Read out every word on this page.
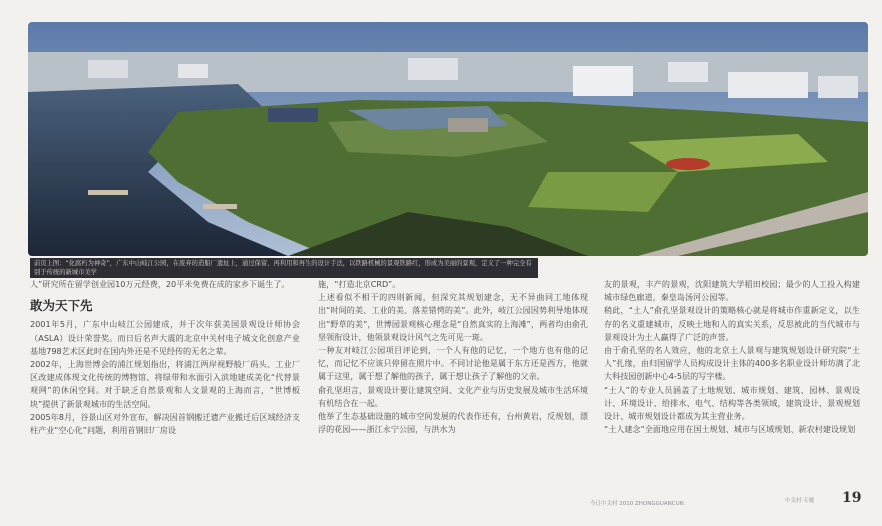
前页上图：“化腐朽为神奇”，广东中山岐江公园，在废弃的造船厂遗址上，通过保留、再利用和再生的设计手法，以铁路机械的景观铁路红，形成为美丽的景观，定义了一种完全有别于传统的新城市美学

人”研究所在留学创业园10万元经费，20平米免费在成的家乡下诞生了。

敢为天下先

2001年5月，广东中山岐江公园建成，并于次年获美国景观设计师协会（ASLA）设计荣誉奖。而日后名声大震的北京中关村电子城文化创意产业基地798艺术区此时在国内外还是不见经传的无名之辈。

2002年，上海世博会的浦江规划指出，将浦江两岸视野般厂码头、工业厂区改建成体现文化传统的博物馆、将绿带和水面引入滨地建成美化“代替景观网”的休闲空间。对于缺乏自然景观和人文景观的上海而言，“世博板块”提供了新景观城市的生活空间。

2005年8月，谷景山区对外宣布，解决因首钢搬迁遗产业搬迁后区域经济支柱产业“空心化”问题，利用首钢旧厂房设

施，“打造北京CRD”。

上述看似不相干的四则新闻，但深究其规划建念，无不异曲同工地体现出“时间的美、工业的美、落差错愕的美”。此外，岐江公园因势利导地体现出“野草的美”，世博园景观核心理念是“自然真实的上海滩”，两者均由俞孔坚领衔设计，他领景观设计风气之先可见一斑。

一种友对岐江公园项目评论到，一个人有他的记忆，一个地方也有他的记忆，而记忆不应该只停留在照片中。不同讨论他是属于东方还是西方，他就属于这里，属于想了解他的孩子，属于想让孩子了解他的父亲。

俞孔坚坦言，景观设计要让建筑空间、文化产业与历史发展及城市生活环境有机结合在一起。

他举了生态基础设施的城市空间发展的代表作还有，台州黄岩，反规划，漂浮的花园——浙江永宁公园，与洪水为

友的景观，丰产的景观，沈阳建筑大学稻田校园；最少的人工投入构建城市绿色廊道，秦皇岛汤河公园等。

稍此，“土人”俞孔坚景观设计的策略核心就是将城市作重新定义，以生存的名义重建城市，反映土地和人的真实关系，反思被此的当代城市与景观设计为土人赢得了广泛的声誉。

由于俞孔坚的名人效应，他的北京土人景观与建筑规划设计研究院“土人”扎缘，由归国留学人员构成设计主体的400多名职业设计师坊满了北大科技园创新中心4-5层的写字楼。

“土人”的专业人员涵盖了土地规划、城市规划、建筑、园林、景观设计、环境设计、给排水、电气、结构等各类领域，建筑设计、景观规划设计、城市规划设计都成为其主营业务。

“土人建念”全面地应用在国土规划、城市与区域规划、新农村建设规划

今日中关村 2010 ZHONGGUANCUN	中关村·专题 19
